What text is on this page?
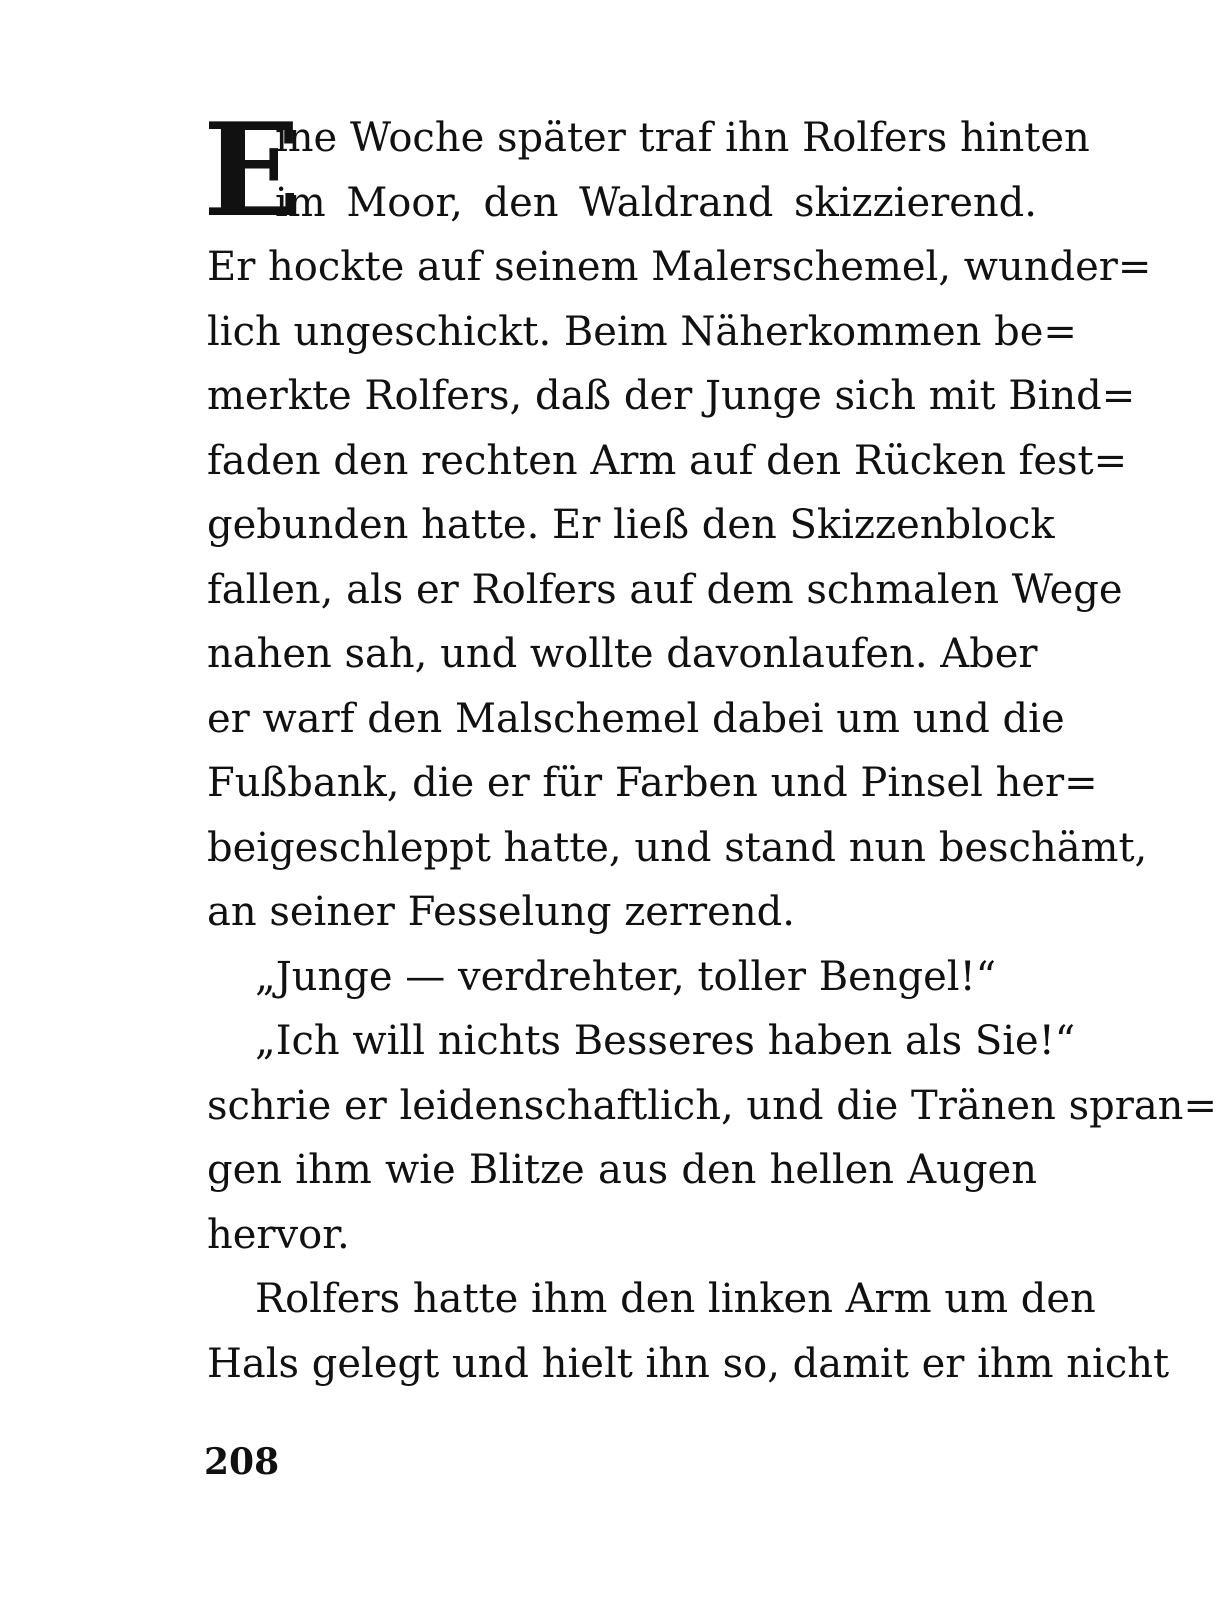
E
ine Woche später traf ihn Rolfers hinten
im Moor, den Waldrand skizzierend.
Er hockte auf seinem Malerschemel, wunder=
lich ungeschickt. Beim Näherkommen be=
merkte Rolfers, daß der Junge sich mit Bind=
faden den rechten Arm auf den Rücken fest=
gebunden hatte. Er ließ den Skizzenblock
fallen, als er Rolfers auf dem schmalen Wege
nahen sah, und wollte davonlaufen. Aber
er warf den Malschemel dabei um und die
Fußbank, die er für Farben und Pinsel her=
beigeschleppt hatte, und stand nun beschämt,
an seiner Fesselung zerrend.
„Junge — verdrehter, toller Bengel!“
„Ich will nichts Besseres haben als Sie!“
schrie er leidenschaftlich, und die Tränen spran=
gen ihm wie Blitze aus den hellen Augen
hervor.
Rolfers hatte ihm den linken Arm um den
Hals gelegt und hielt ihn so, damit er ihm nicht
208
